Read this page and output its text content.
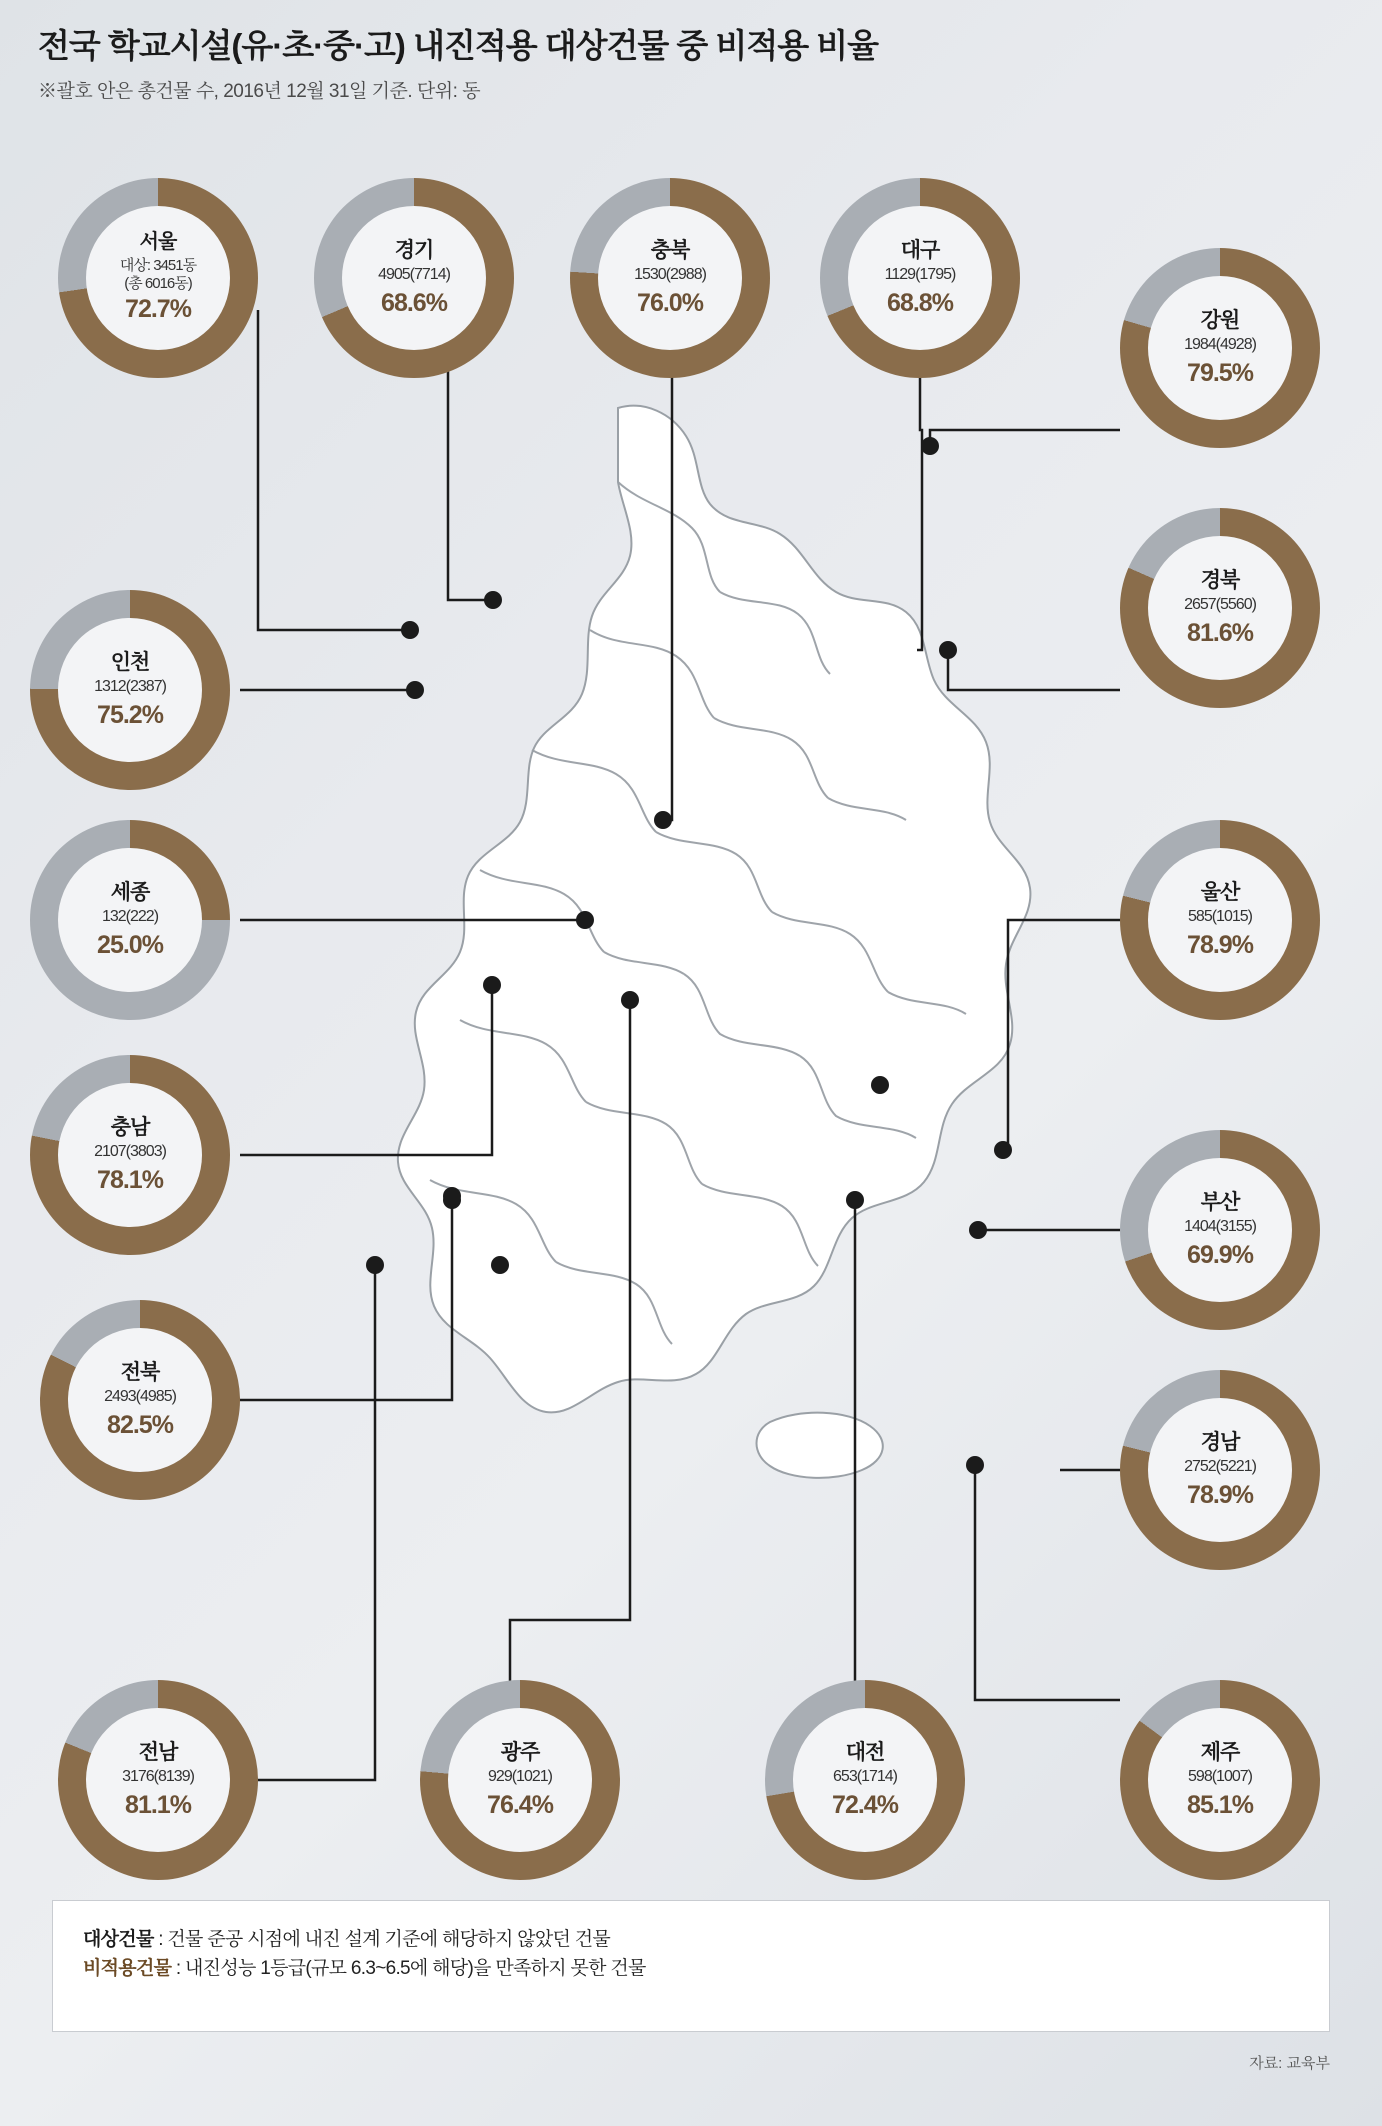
전국 학교시설(유·초·중·고) 내진적용 대상건물 중 비적용 비율
※괄호 안은 총건물 수, 2016년 12월 31일 기준. 단위: 동
서울
대상: 3451동
(총 6016동)
72.7%
경기
4905(7714)
68.6%
충북
1530(2988)
76.0%
대구
1129(1795)
68.8%
강원
1984(4928)
79.5%
인천
1312(2387)
75.2%
경북
2657(5560)
81.6%
세종
132(222)
25.0%
울산
585(1015)
78.9%
충남
2107(3803)
78.1%
부산
1404(3155)
69.9%
전북
2493(4985)
82.5%
경남
2752(5221)
78.9%
전남
3176(8139)
81.1%
광주
929(1021)
76.4%
대전
653(1714)
72.4%
제주
598(1007)
85.1%
대상건물 : 건물 준공 시점에 내진 설계 기준에 해당하지 않았던 건물
비적용건물 : 내진성능 1등급(규모 6.3~6.5에 해당)을 만족하지 못한 건물
자료: 교육부
